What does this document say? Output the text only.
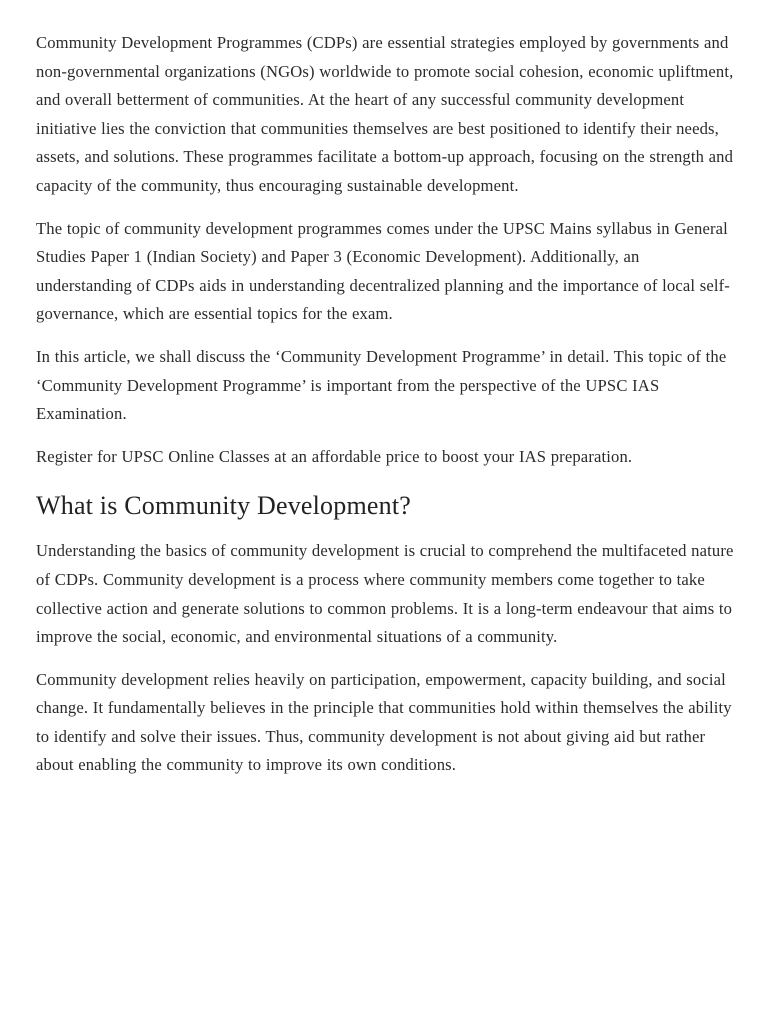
Community Development Programmes (CDPs) are essential strategies employed by governments and non-governmental organizations (NGOs) worldwide to promote social cohesion, economic upliftment, and overall betterment of communities. At the heart of any successful community development initiative lies the conviction that communities themselves are best positioned to identify their needs, assets, and solutions. These programmes facilitate a bottom-up approach, focusing on the strength and capacity of the community, thus encouraging sustainable development.

The topic of community development programmes comes under the UPSC Mains syllabus in General Studies Paper 1 (Indian Society) and Paper 3 (Economic Development). Additionally, an understanding of CDPs aids in understanding decentralized planning and the importance of local self-governance, which are essential topics for the exam.

In this article, we shall discuss the ‘Community Development Programme’ in detail. This topic of the ‘Community Development Programme’ is important from the perspective of the UPSC IAS Examination.

Register for UPSC Online Classes at an affordable price to boost your IAS preparation.

What is Community Development?

Understanding the basics of community development is crucial to comprehend the multifaceted nature of CDPs. Community development is a process where community members come together to take collective action and generate solutions to common problems. It is a long-term endeavour that aims to improve the social, economic, and environmental situations of a community.

Community development relies heavily on participation, empowerment, capacity building, and social change. It fundamentally believes in the principle that communities hold within themselves the ability to identify and solve their issues. Thus, community development is not about giving aid but rather about enabling the community to improve its own conditions.
